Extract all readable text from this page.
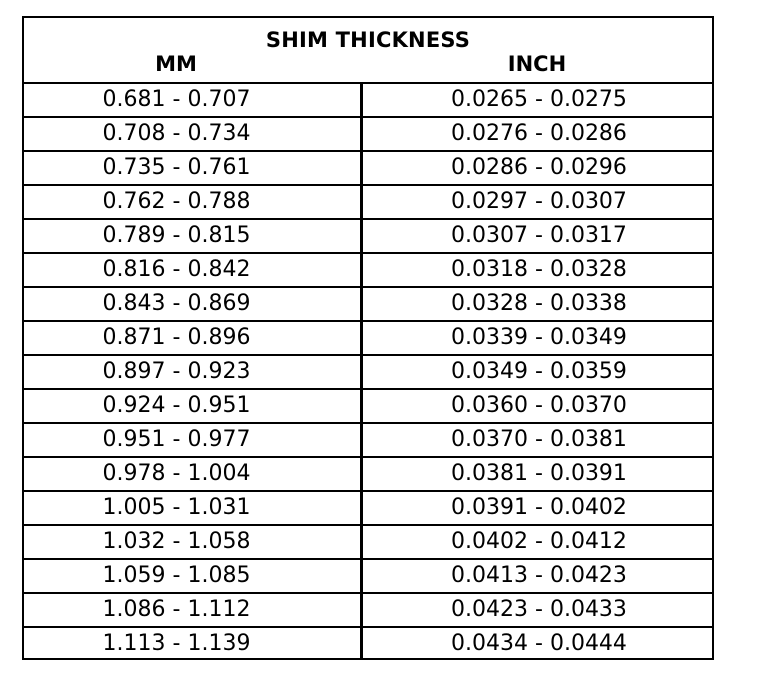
SHIM THICKNESS
MM	INCH
0.681 - 0.707	0.0265 - 0.0275
0.708 - 0.734	0.0276 - 0.0286
0.735 - 0.761	0.0286 - 0.0296
0.762 - 0.788	0.0297 - 0.0307
0.789 - 0.815	0.0307 - 0.0317
0.816 - 0.842	0.0318 - 0.0328
0.843 - 0.869	0.0328 - 0.0338
0.871 - 0.896	0.0339 - 0.0349
0.897 - 0.923	0.0349 - 0.0359
0.924 - 0.951	0.0360 - 0.0370
0.951 - 0.977	0.0370 - 0.0381
0.978 - 1.004	0.0381 - 0.0391
1.005 - 1.031	0.0391 - 0.0402
1.032 - 1.058	0.0402 - 0.0412
1.059 - 1.085	0.0413 - 0.0423
1.086 - 1.112	0.0423 - 0.0433
1.113 - 1.139	0.0434 - 0.0444
